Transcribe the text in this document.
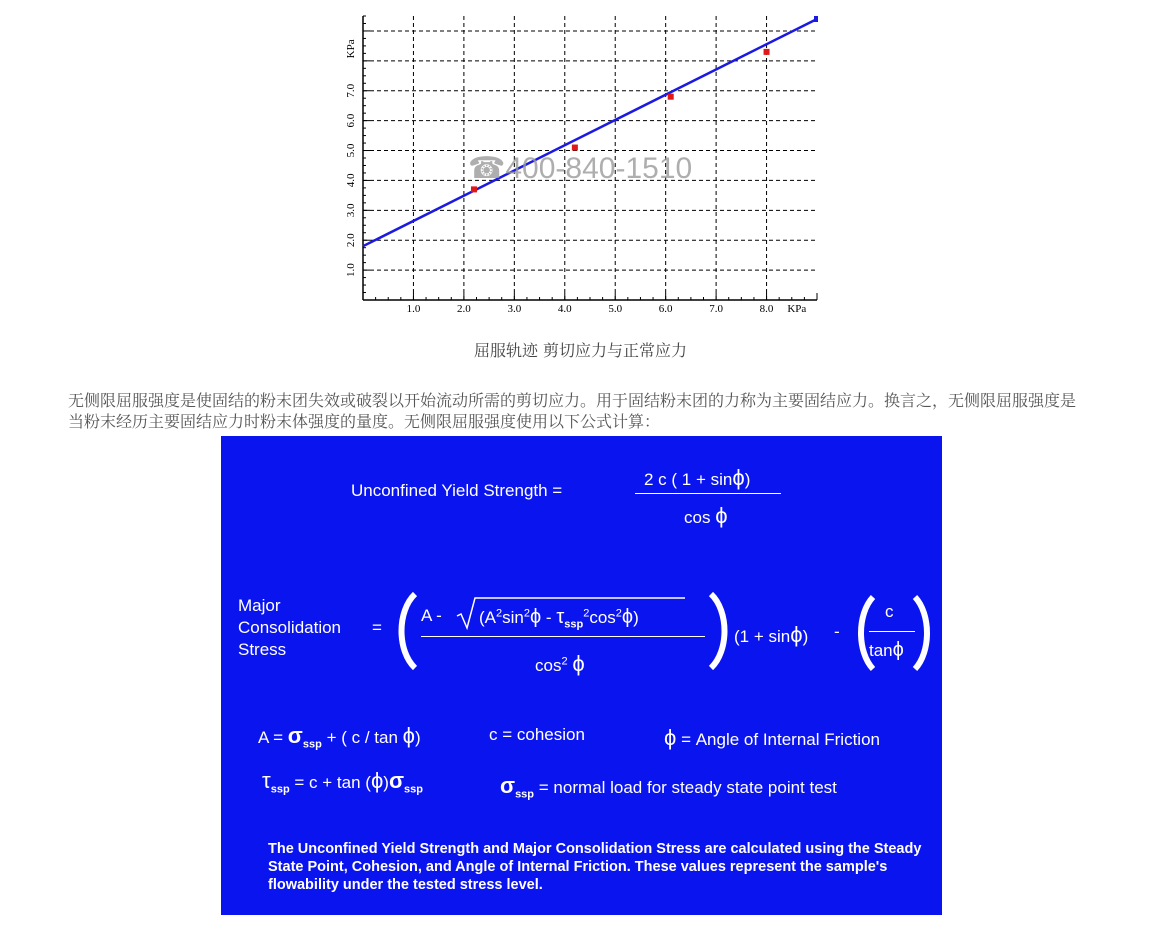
1.0	2.0	3.0	4.0	5.0	6.0	7.0	8.0 KPa
1.0
2.0
3.0
4.0
5.0
6.0
7.0
KPa
☎400-840-1510
屈服轨迹 剪切应力与正常应力
无侧限屈服强度是使固结的粉末团失效或破裂以开始流动所需的剪切应力。用于固结粉末团的力称为主要固结应力。换言之，无侧限屈服强度是当粉末经历主要固结应力时粉末体强度的量度。无侧限屈服强度使用以下公式计算：
Unconfined Yield Strength =
2 c ( 1 + sinϕ)
cos ϕ
Major
Consolidation
Stress
=
A - $(A^2\sin^2\phi - \tau_{ssp}^2\cos^2\phi)$
$\cos^2 \phi$
(1 + sinϕ) -
c
tanϕ
$A = \sigma_{ssp}$ + ( c / tan ϕ)	c = cohesion	ϕ = Angle of Internal Friction
$\tau_{ssp} = c + \tan (\phi)\sigma_{ssp}$	$\sigma_{ssp}$ = normal load for steady state point test
The Unconfined Yield Strength and Major Consolidation Stress are calculated using the Steady State Point, Cohesion, and Angle of Internal Friction. These values represent the sample's flowability under the tested stress level.
